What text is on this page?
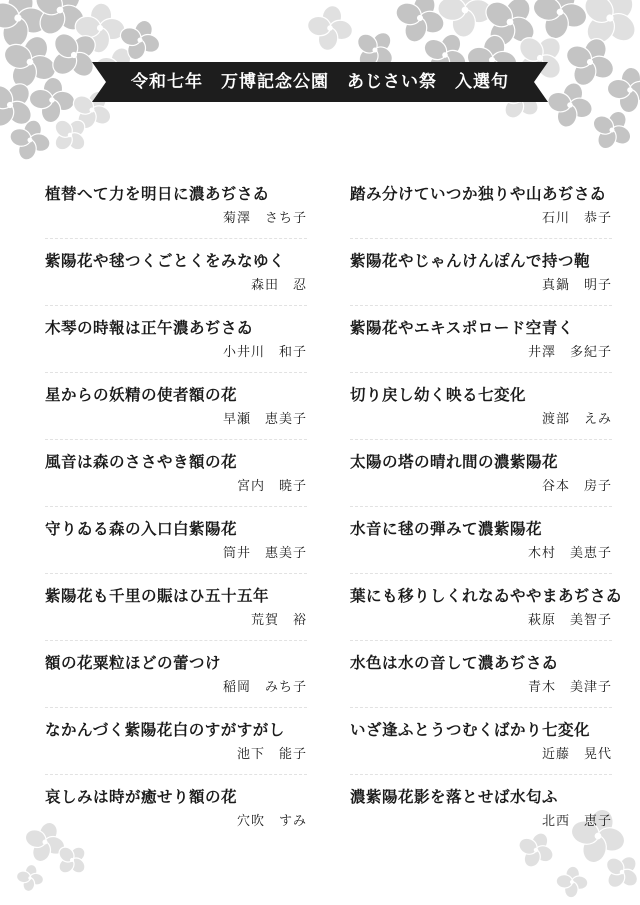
令和七年　万博記念公園　あじさい祭　入選句
植替へて力を明日に濃あぢさゐ
菊澤　さち子
紫陽花や毬つくごとくをみなゆく
森田　忍
木琴の時報は正午濃あぢさゐ
小井川　和子
星からの妖精の使者額の花
早瀬　恵美子
風音は森のささやき額の花
宮内　暁子
守りゐる森の入口白紫陽花
筒井　惠美子
紫陽花も千里の賑はひ五十五年
荒賀　裕
額の花粟粒ほどの蕾つけ
稲岡　みち子
なかんづく紫陽花白のすがすがし
池下　能子
哀しみは時が癒せり額の花
穴吹　すみ
踏み分けていつか独りや山あぢさゐ
石川　恭子
紫陽花やじゃんけんぽんで持つ鞄
真鍋　明子
紫陽花やエキスポロード空青く
井澤　多紀子
切り戻し幼く映る七変化
渡部　えみ
太陽の塔の晴れ間の濃紫陽花
谷本　房子
水音に毬の弾みて濃紫陽花
木村　美恵子
葉にも移りしくれなゐややまあぢさゐ
萩原　美智子
水色は水の音して濃あぢさゐ
青木　美津子
いざ逢ふとうつむくばかり七変化
近藤　晃代
濃紫陽花影を落とせば水匂ふ
北西　恵子
